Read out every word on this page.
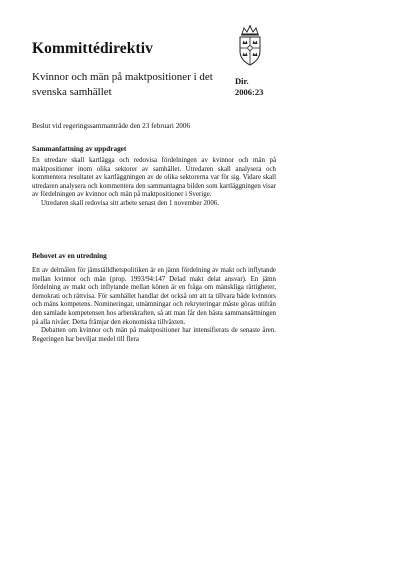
Kommittédirektiv
Kvinnor och män på maktpositioner i det svenska samhället
Dir.
2006:23
Beslut vid regeringssammanträde den 23 februari 2006
Sammanfattning av uppdraget

En utredare skall kartlägga och redovisa fördelningen av kvinnor och män på maktpositioner inom olika sektorer av samhället. Utredaren skall analysera och kommentera resultatet av kartläggningen av de olika sektorerna var för sig. Vidare skall utredaren analysera och kommentera den sammantagna bilden som kartläggningen visar av fördelningen av kvinnor och män på maktpositioner i Sverige.

Utredaren skall redovisa sitt arbete senast den 1 november 2006.

Behovet av en utredning

Ett av delmålen för jämställdhetspolitiken är en jämn fördelning av makt och inflytande mellan kvinnor och män (prop. 1993/94:147 Delad makt delat ansvar). En jämn fördelning av makt och inflytande mellan könen är en fråga om mänskliga rättigheter, demokrati och rättvisa. För samhället handlar det också om att ta tillvara både kvinnors och mäns kompetens. Nomineringar, utnämningar och rekryteringar måste göras utifrån den samlade kompetensen hos arbetskraften, så att man får den bästa sammansättningen på alla nivåer. Detta främjar den ekonomiska tillväxten.

Debatten om kvinnor och män på maktpositioner har intensifierats de senaste åren. Regeringen har beviljat medel till flera
